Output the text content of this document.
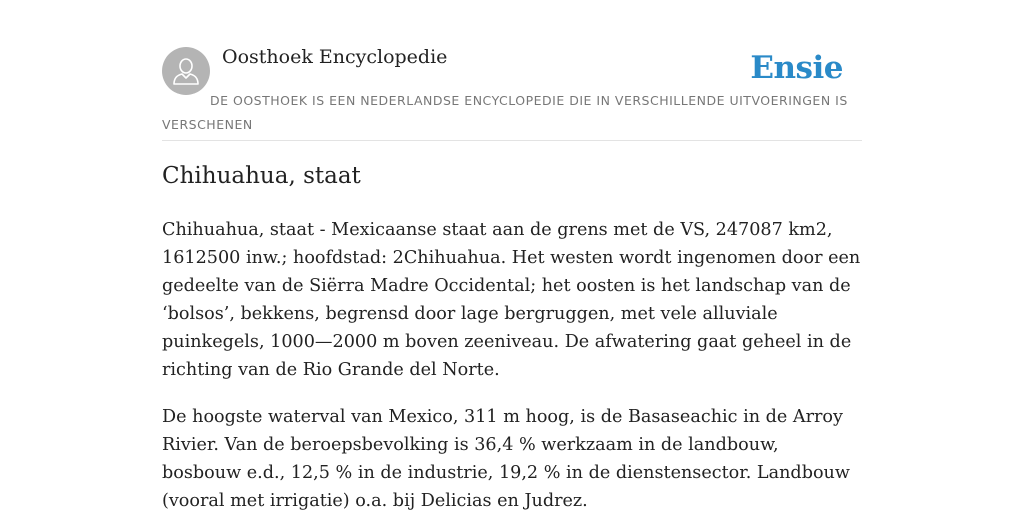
Oosthoek Encyclopedie	Ensie
DE OOSTHOEK IS EEN NEDERLANDSE ENCYCLOPEDIE DIE IN VERSCHILLENDE UITVOERINGEN IS VERSCHENEN
Chihuahua, staat

Chihuahua, staat - Mexicaanse staat aan de grens met de VS, 247087 km2, 1612500 inw.; hoofdstad: 2Chihuahua. Het westen wordt ingenomen door een gedeelte van de Siërra Madre Occidental; het oosten is het landschap van de ‘bolsos’, bekkens, begrensd door lage bergruggen, met vele alluviale puinkegels, 1000—2000 m boven zeeniveau. De afwatering gaat geheel in de richting van de Rio Grande del Norte.

De hoogste waterval van Mexico, 311 m hoog, is de Basaseachic in de Arroy Rivier. Van de beroepsbevolking is 36,4 % werkzaam in de landbouw, bosbouw e.d., 12,5 % in de industrie, 19,2 % in de dienstensector. Landbouw (vooral met irrigatie) o.a. bij Delicias en Judrez.
